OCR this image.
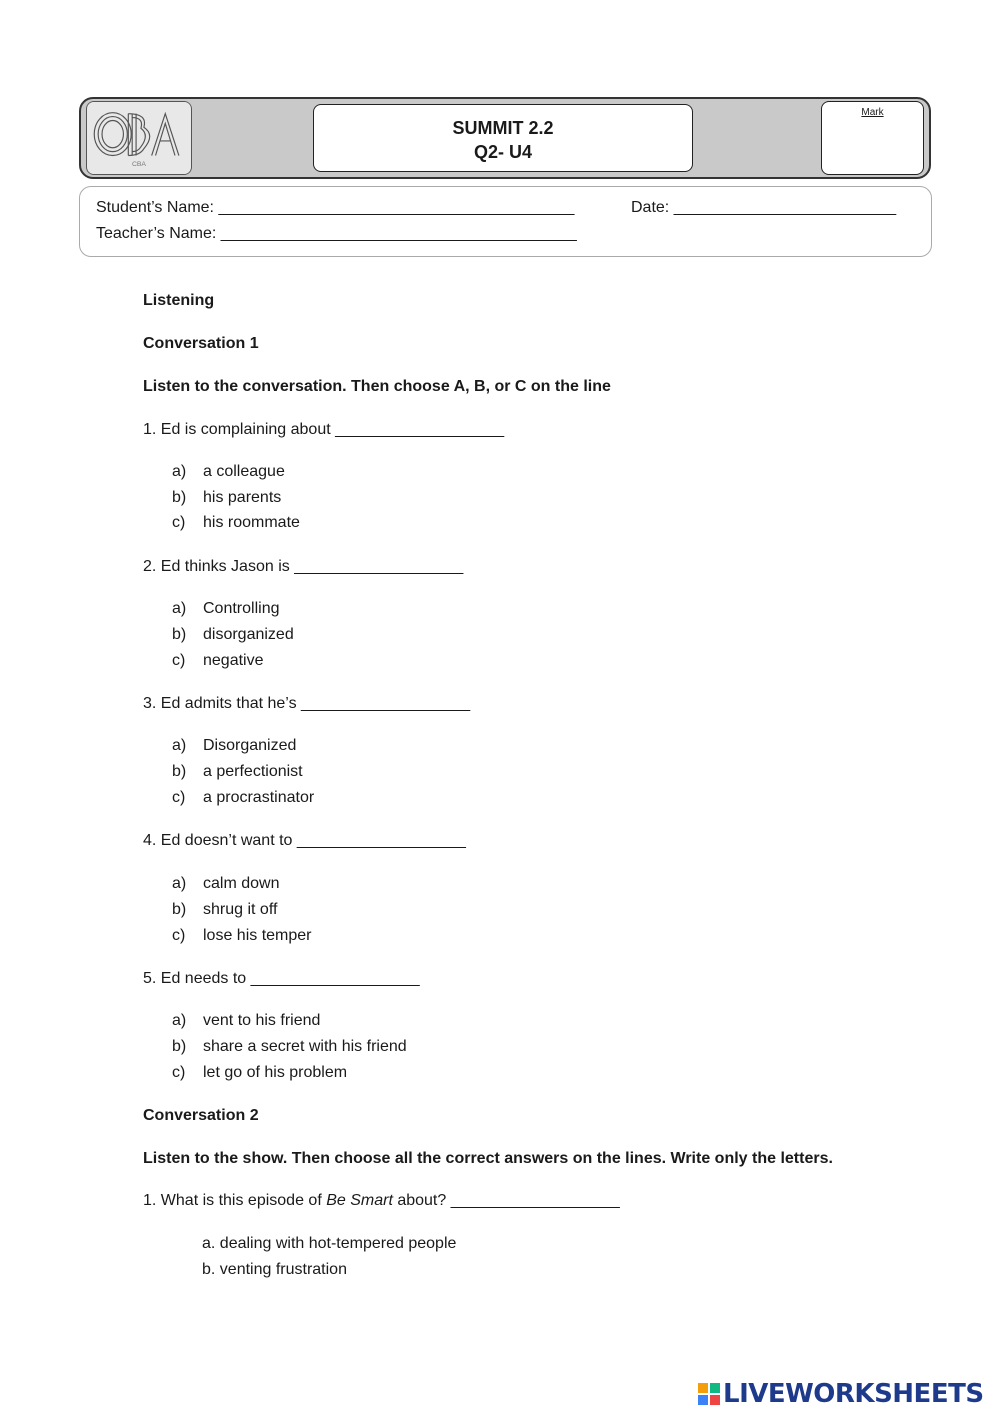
CBA
SUMMIT 2.2
Q2- U4
Mark
Student’s Name: ________________________________________	Date: _________________________
Teacher’s Name: ________________________________________
Listening
Conversation 1
Listen to the conversation. Then choose A, B, or C on the line
1. Ed is complaining about ___________________
a) a colleague
b) his parents
c) his roommate
2. Ed thinks Jason is ___________________
a) Controlling
b) disorganized
c) negative
3. Ed admits that he’s ___________________
a) Disorganized
b) a perfectionist
c) a procrastinator
4. Ed doesn’t want to ___________________
a) calm down
b) shrug it off
c) lose his temper
5. Ed needs to ___________________
a) vent to his friend
b) share a secret with his friend
c) let go of his problem
Conversation 2
Listen to the show. Then choose all the correct answers on the lines. Write only the letters.
1. What is this episode of Be Smart about? ___________________
a. dealing with hot-tempered people
b. venting frustration
LIVEWORKSHEETS
